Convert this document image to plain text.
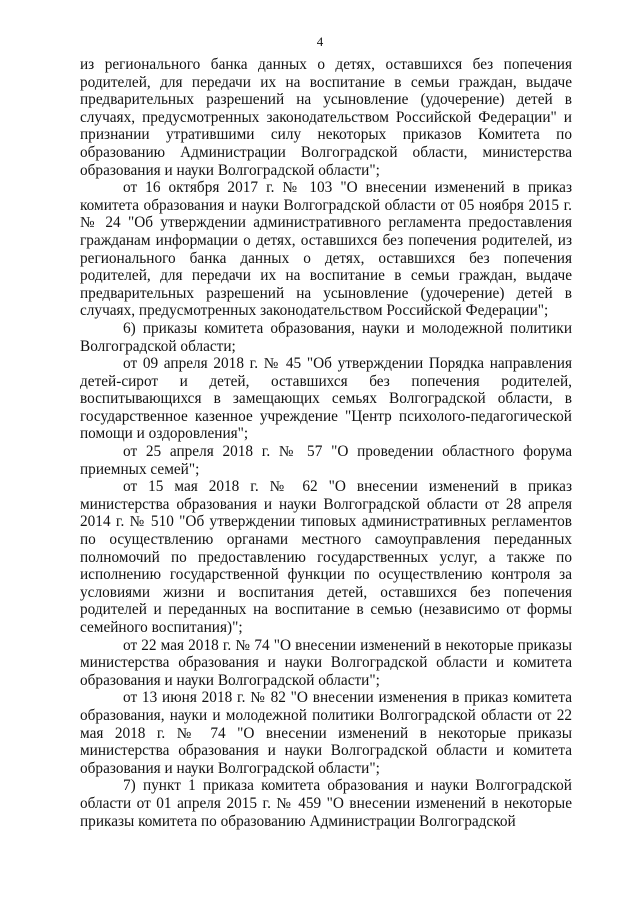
4

из регионального банка данных о детях, оставшихся без попечения родителей, для передачи их на воспитание в семьи граждан, выдаче предварительных разрешений на усыновление (удочерение) детей в случаях, предусмотренных законодательством Российской Федерации" и признании утратившими силу некоторых приказов Комитета по образованию Администрации Волгоградской области, министерства образования и науки Волгоградской области";

от 16 октября 2017 г. № 103 "О внесении изменений в приказ комитета образования и науки Волгоградской области от 05 ноября 2015 г. № 24 "Об утверждении административного регламента предоставления гражданам информации о детях, оставшихся без попечения родителей, из регионального банка данных о детях, оставшихся без попечения родителей, для передачи их на воспитание в семьи граждан, выдаче предварительных разрешений на усыновление (удочерение) детей в случаях, предусмотренных законодательством Российской Федерации";

6) приказы комитета образования, науки и молодежной политики Волгоградской области;

от 09 апреля 2018 г. № 45 "Об утверждении Порядка направления детей-сирот и детей, оставшихся без попечения родителей, воспитывающихся в замещающих семьях Волгоградской области, в государственное казенное учреждение "Центр психолого-педагогической помощи и оздоровления";

от 25 апреля 2018 г. № 57 "О проведении областного форума приемных семей";

от 15 мая 2018 г. № 62 "О внесении изменений в приказ министерства образования и науки Волгоградской области от 28 апреля 2014 г. № 510 "Об утверждении типовых административных регламентов по осуществлению органами местного самоуправления переданных полномочий по предоставлению государственных услуг, а также по исполнению государственной функции по осуществлению контроля за условиями жизни и воспитания детей, оставшихся без попечения родителей и переданных на воспитание в семью (независимо от формы семейного воспитания)";

от 22 мая 2018 г. № 74 "О внесении изменений в некоторые приказы министерства образования и науки Волгоградской области и комитета образования и науки Волгоградской области";

от 13 июня 2018 г. № 82 "О внесении изменения в приказ комитета образования, науки и молодежной политики Волгоградской области от 22 мая 2018 г. № 74 "О внесении изменений в некоторые приказы министерства образования и науки Волгоградской области и комитета образования и науки Волгоградской области";

7) пункт 1 приказа комитета образования и науки Волгоградской области от 01 апреля 2015 г. № 459 "О внесении изменений в некоторые приказы комитета по образованию Администрации Волгоградской
